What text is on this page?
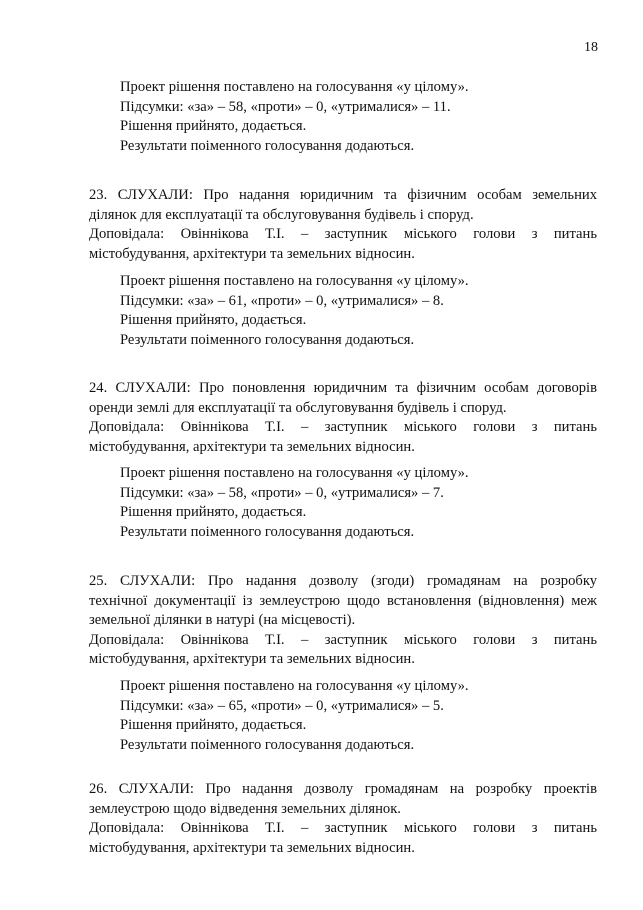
18
Проект рішення поставлено на голосування «у цілому».
Підсумки: «за» – 58, «проти» – 0, «утрималися» – 11.
Рішення прийнято, додається.
Результати поіменного голосування додаються.
23. СЛУХАЛИ: Про надання юридичним та фізичним особам земельних
ділянок для експлуатації та обслуговування будівель і споруд.
Доповідала: Овіннікова Т.І. – заступник міського голови з питань
містобудування, архітектури та земельних відносин.
Проект рішення поставлено на голосування «у цілому».
Підсумки: «за» – 61, «проти» – 0, «утрималися» – 8.
Рішення прийнято, додається.
Результати поіменного голосування додаються.
24. СЛУХАЛИ: Про поновлення юридичним та фізичним особам договорів
оренди землі для експлуатації та обслуговування будівель і споруд.
Доповідала: Овіннікова Т.І. – заступник міського голови з питань
містобудування, архітектури та земельних відносин.
Проект рішення поставлено на голосування «у цілому».
Підсумки: «за» – 58, «проти» – 0, «утрималися» – 7.
Рішення прийнято, додається.
Результати поіменного голосування додаються.
25. СЛУХАЛИ: Про надання дозволу (згоди) громадянам на розробку
технічної документації із землеустрою щодо встановлення (відновлення) меж
земельної ділянки в натурі (на місцевості).
Доповідала: Овіннікова Т.І. – заступник міського голови з питань
містобудування, архітектури та земельних відносин.
Проект рішення поставлено на голосування «у цілому».
Підсумки: «за» – 65, «проти» – 0, «утрималися» – 5.
Рішення прийнято, додається.
Результати поіменного голосування додаються.
26. СЛУХАЛИ: Про надання дозволу громадянам на розробку проектів
землеустрою щодо відведення земельних ділянок.
Доповідала: Овіннікова Т.І. – заступник міського голови з питань
містобудування, архітектури та земельних відносин.
